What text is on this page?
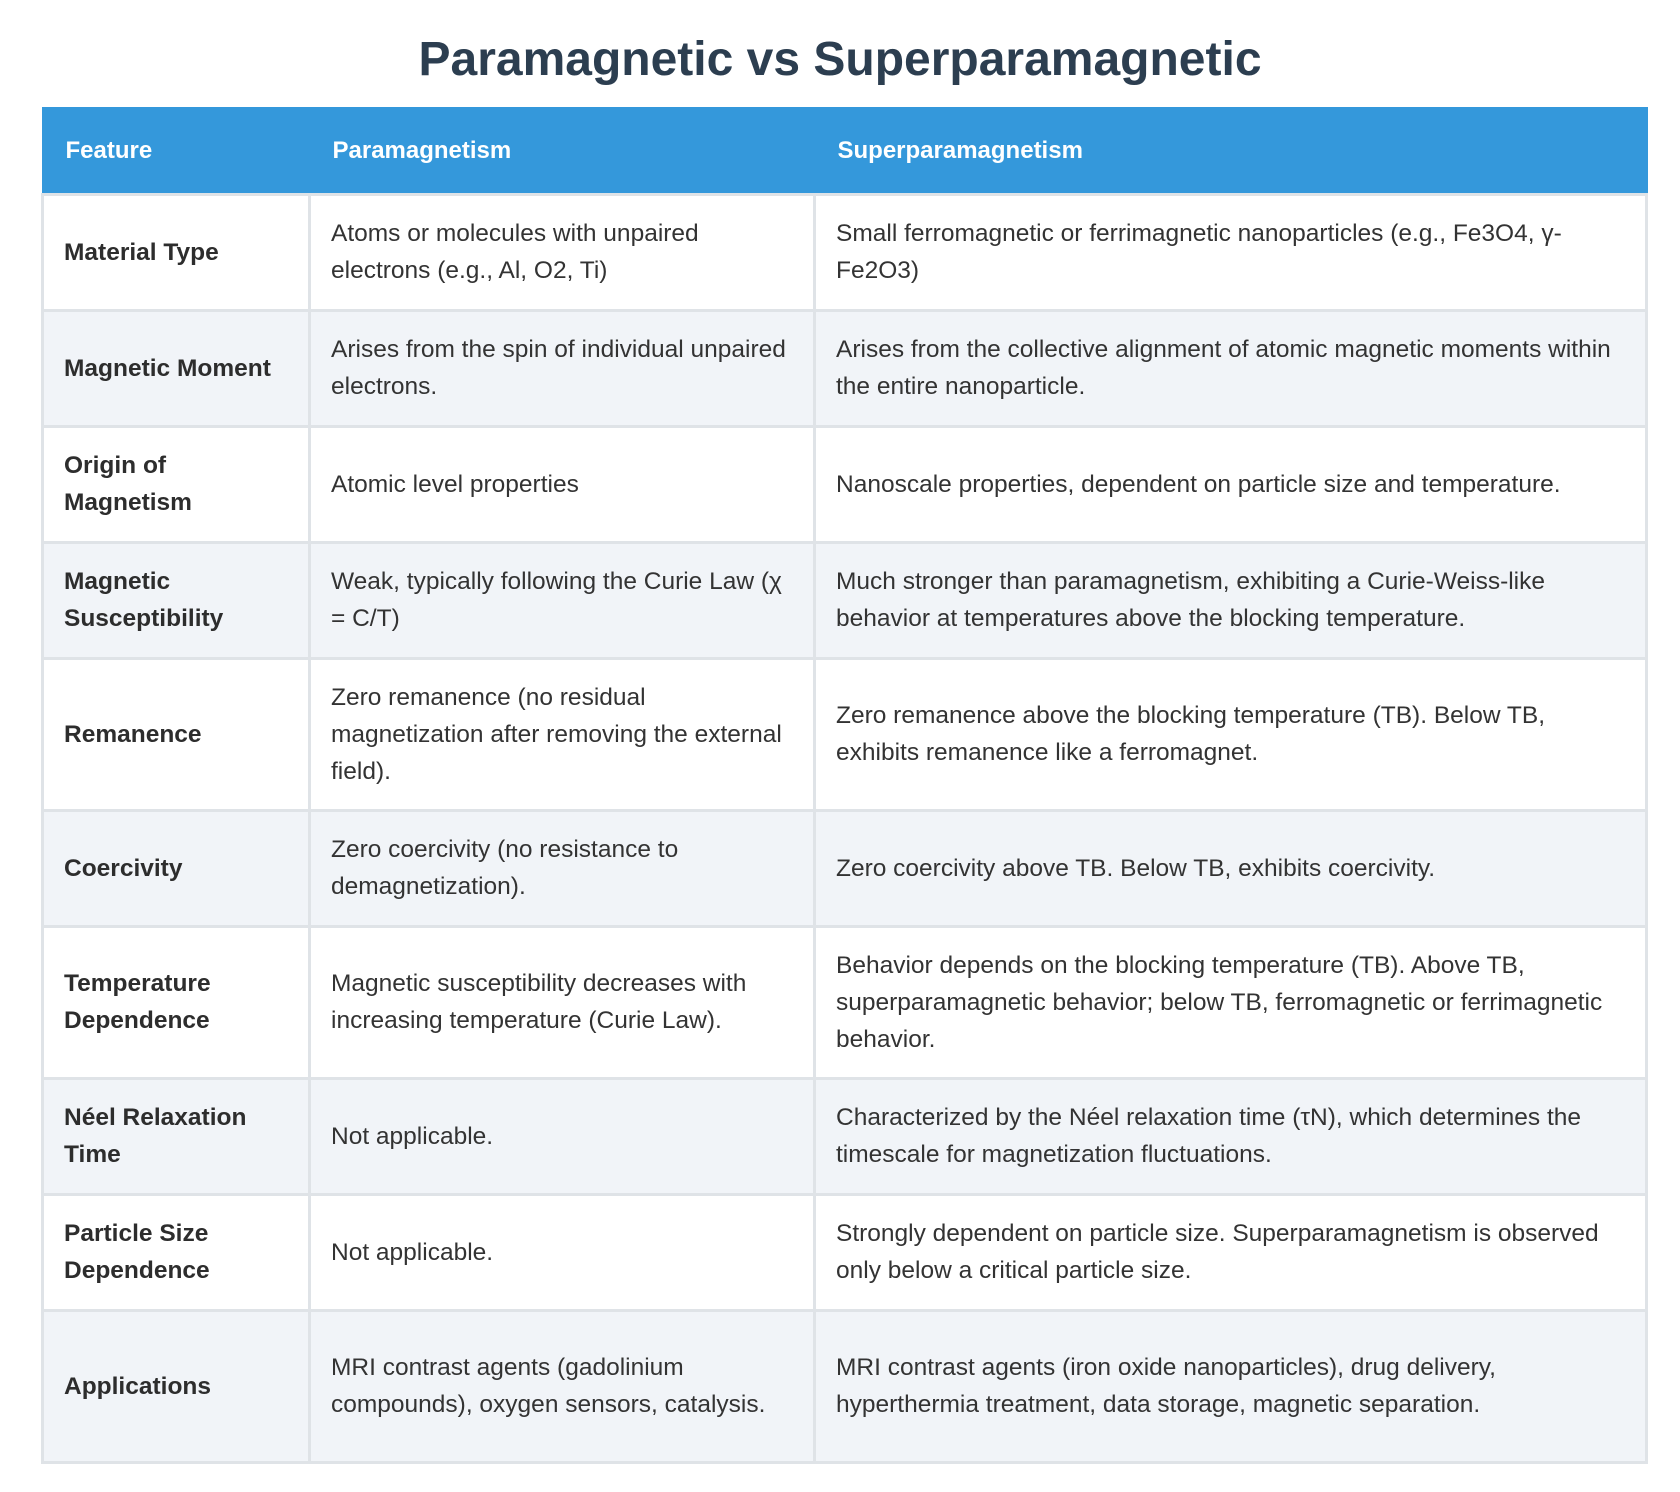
Paramagnetic vs Superparamagnetic
Feature	Paramagnetism	Superparamagnetism
Material Type	Atoms or molecules with unpaired electrons (e.g., Al, O2, Ti)	Small ferromagnetic or ferrimagnetic nanoparticles (e.g., Fe3O4, γ-Fe2O3)
Magnetic Moment	Arises from the spin of individual unpaired electrons.	Arises from the collective alignment of atomic magnetic moments within the entire nanoparticle.
Origin of Magnetism	Atomic level properties	Nanoscale properties, dependent on particle size and temperature.
Magnetic Susceptibility	Weak, typically following the Curie Law (χ = C/T)	Much stronger than paramagnetism, exhibiting a Curie-Weiss-like behavior at temperatures above the blocking temperature.
Remanence	Zero remanence (no residual magnetization after removing the external field).	Zero remanence above the blocking temperature (TB). Below TB, exhibits remanence like a ferromagnet.
Coercivity	Zero coercivity (no resistance to demagnetization).	Zero coercivity above TB. Below TB, exhibits coercivity.
Temperature Dependence	Magnetic susceptibility decreases with increasing temperature (Curie Law).	Behavior depends on the blocking temperature (TB). Above TB, superparamagnetic behavior; below TB, ferromagnetic or ferrimagnetic behavior.
Néel Relaxation Time	Not applicable.	Characterized by the Néel relaxation time (τN), which determines the timescale for magnetization fluctuations.
Particle Size Dependence	Not applicable.	Strongly dependent on particle size. Superparamagnetism is observed only below a critical particle size.
Applications	MRI contrast agents (gadolinium compounds), oxygen sensors, catalysis.	MRI contrast agents (iron oxide nanoparticles), drug delivery, hyperthermia treatment, data storage, magnetic separation.
